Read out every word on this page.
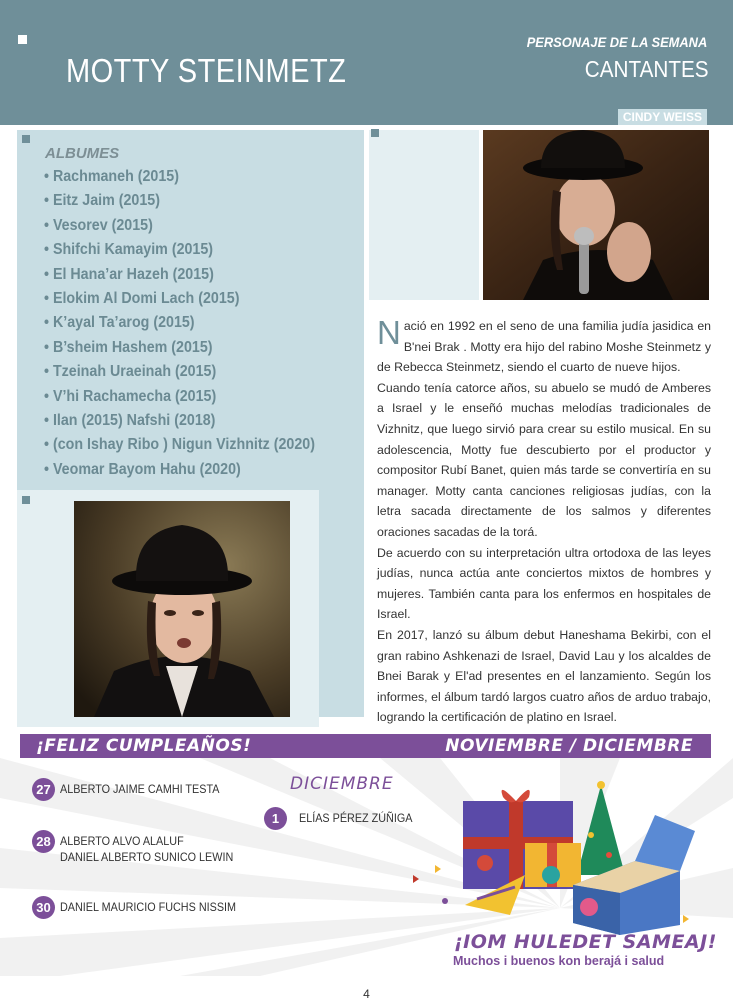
MOTTY STEINMETZ
PERSONAJE DE LA SEMANA
CANTANTES
CINDY WEISS
ALBUMES
• Rachmaneh (2015)
• Eitz Jaim (2015)
• Vesorev (2015)
• Shifchi Kamayim (2015)
• El Hana’ar Hazeh (2015)
• Elokim Al Domi Lach (2015)
• K’ayal Ta’arog (2015)
• B’sheim Hashem (2015)
• Tzeinah Uraeinah (2015)
• V’hi Rachamecha (2015)
• Ilan (2015) Nafshi (2018)
• (con Ishay Ribo ) Nigun Vizhnitz (2020)
• Veomar Bayom Hahu (2020)

Nació en 1992 en el seno de una familia judía jasidica en B'nei Brak . Motty era hijo del rabino Moshe Steinmetz y de Rebecca Steinmetz, siendo el cuarto de nueve hijos.

Cuando tenía catorce años, su abuelo se mudó de Amberes a Israel y le enseñó muchas melodías tradicionales de Vizhnitz, que luego sirvió para crear su estilo musical. En su adolescencia, Motty fue descubierto por el productor y compositor Rubí Banet, quien más tarde se convertiría en su manager. Motty canta canciones religiosas judías, con la letra sacada directamente de los salmos y diferentes oraciones sacadas de la torá.

De acuerdo con su interpretación ultra ortodoxa de las leyes judías, nunca actúa ante conciertos mixtos de hombres y mujeres. También canta para los enfermos en hospitales de Israel.

En 2017, lanzó su álbum debut Haneshama Bekirbi, con el gran rabino Ashkenazi de Israel, David Lau y los alcaldes de Bnei Barak y El'ad presentes en el lanzamiento. Según los informes, el álbum tardó largos cuatro años de arduo trabajo, logrando la certificación de platino en Israel.

¡FELIZ CUMPLEAÑOS!	NOVIEMBRE / DICIEMBRE
27 ALBERTO JAIME CAMHI TESTA
28 ALBERTO ALVO ALALUF
DANIEL ALBERTO SUNICO LEWIN
30 DANIEL MAURICIO FUCHS NISSIM
DICIEMBRE
1	ELÍAS PÉREZ ZÚÑIGA
¡IOM HULEDET SAMEAJ!
Muchos i buenos kon berajá i salud
4
